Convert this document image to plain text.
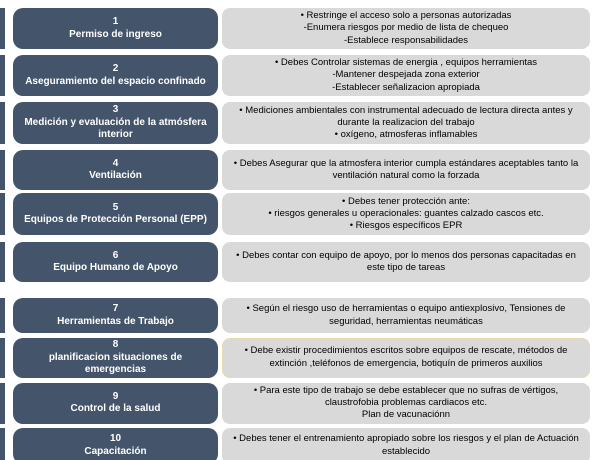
1
Permiso de ingreso
• Restringe el acceso solo a personas autorizadas
-Enumera riesgos por medio de lista de chequeo
-Establece responsabilidades
2
Aseguramiento del espacio confinado
• Debes Controlar sistemas de energia , equipos herramientas
-Mantener despejada zona exterior
-Establecer señalizacion apropiada
3
Medición y evaluación de la atmósfera interior
• Mediciones ambientales con instrumental adecuado de lectura directa antes y durante la realizacion del trabajo
• oxígeno, atmosferas inflamables
4
Ventilación
• Debes Asegurar que la atmosfera interior cumpla estándares aceptables tanto la ventilación natural como la forzada
5
Equipos de Protección Personal (EPP)
• Debes tener protección ante:
• riesgos generales u operacionales: guantes calzado cascos etc.
• Riesgos específicos EPR
6
Equipo Humano de Apoyo
• Debes contar con equipo de apoyo, por lo menos dos personas capacitadas en este tipo de tareas
7
Herramientas de Trabajo
• Según el riesgo uso de herramientas o equipo antiexplosivo, Tensiones de seguridad, herramientas neumáticas
8
planificacion situaciones de emergencias
• Debe existir procedimientos escritos sobre equipos de rescate, métodos de extinción ,teléfonos de emergencia, botiquín de primeros auxilios
9
Control de la salud
• Para este tipo de trabajo se debe establecer que no sufras de vértigos, claustrofobia problemas cardiacos etc.
Plan de vacunaciónn
10
Capacitación
• Debes tener el entrenamiento apropiado sobre los riesgos y el plan de Actuación establecido
